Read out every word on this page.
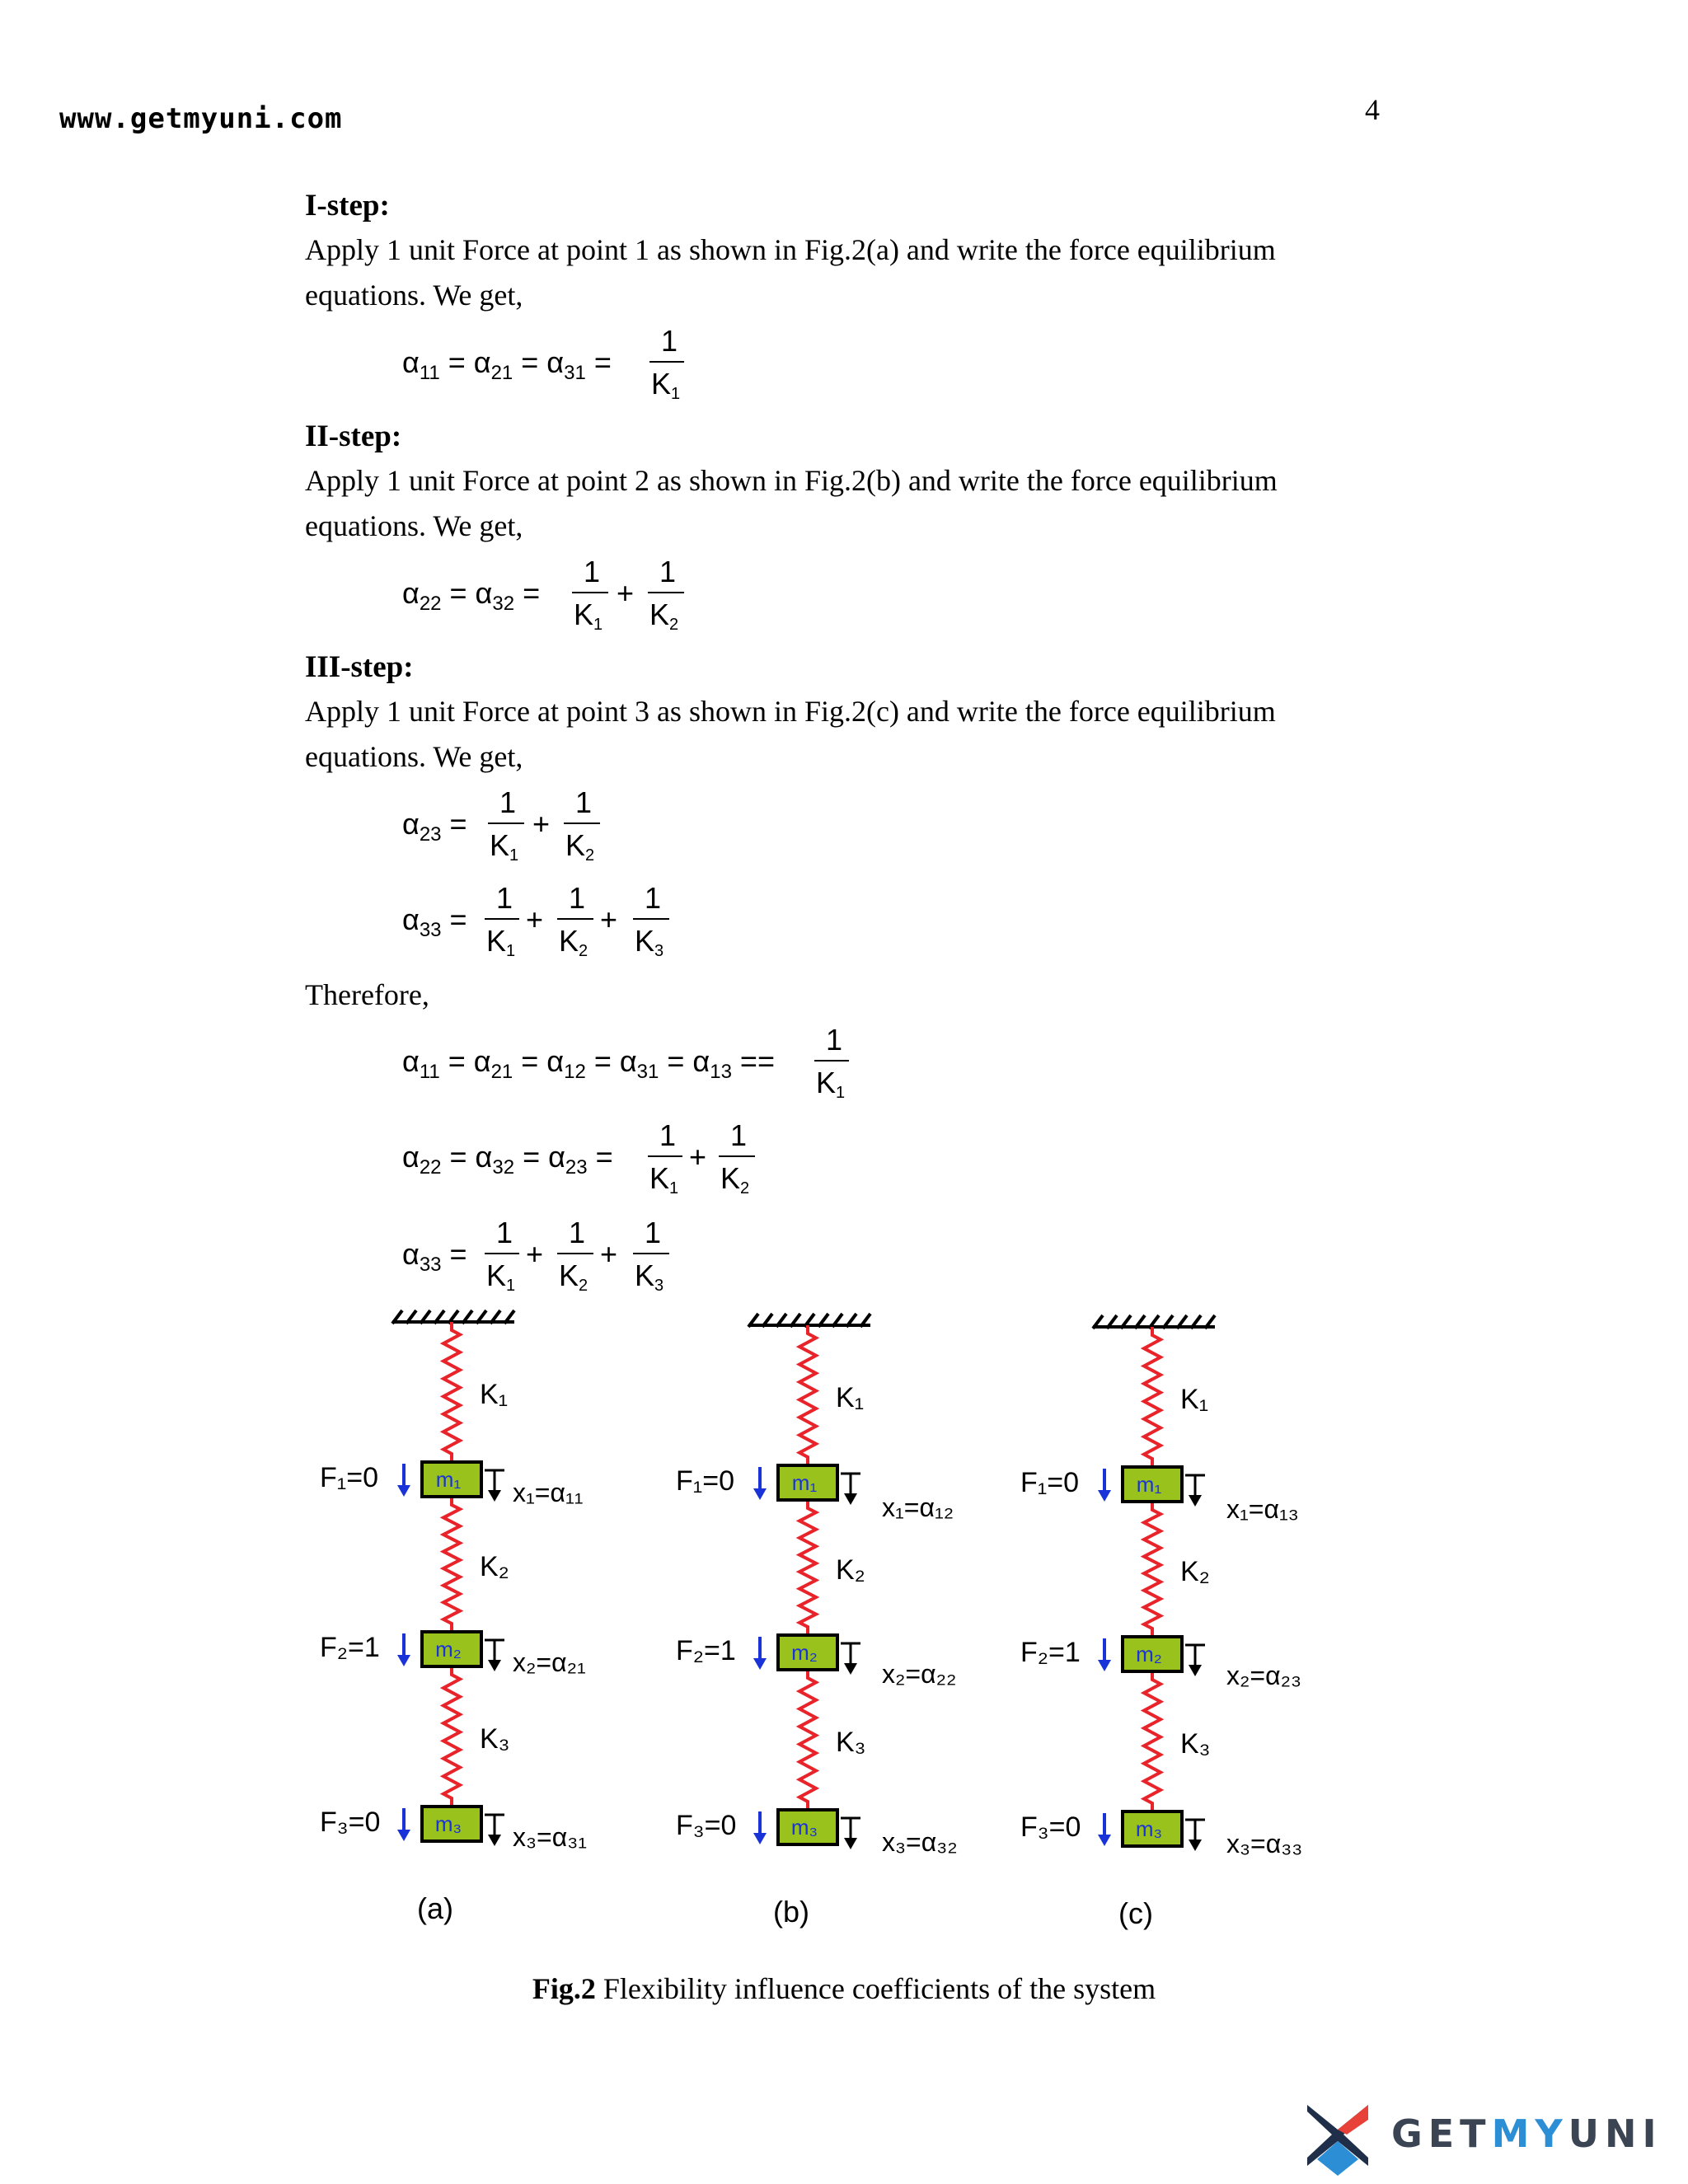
www.getmyuni.com	4
I-step:
Apply 1 unit Force at point 1 as shown in Fig.2(a) and write the force equilibrium equations. We get,
II-step:
Apply 1 unit Force at point 2 as shown in Fig.2(b) and write the force equilibrium equations. We get,
III-step:
Apply 1 unit Force at point 3 as shown in Fig.2(c) and write the force equilibrium equations. We get,
Therefore,
$\alpha_{11} = \alpha_{21} = \alpha_{31}$ =
1
K1
$\alpha_{22} = \alpha_{32}$ =
1
K1
+
1
K2
$\alpha_{23}$ =
1
K1
+
1
K2
$\alpha_{33}$ =
1
K1
+
1
K2
+
1
K3
$\alpha_{11} = \alpha_{21} = \alpha_{12} = \alpha_{31} = \alpha_{13}$ ==
1
K1
$\alpha_{22} = \alpha_{32} = \alpha_{23}$ =
1
K1
+
1
K2
$\alpha_{33}$ =
1
K1
+
1
K2
+
1
K3
K₁
K₂
K₃
m₁
F₁=0	x₁=α₁₁
m₂
F₂=1	x₂=α₂₁
m₃
F₃=0	x₃=α₃₁
(a)
K₁
K₂
K₃
m₁
F₁=0
x₁=α₁₂
m₂
F₂=1
x₂=α₂₂
m₃
F₃=0
x₃=α₃₂
(b)
K₁
K₂
K₃
m₁
F₁=0
x₁=α₁₃
m₂
F₂=1
x₂=α₂₃
m₃
F₃=0
x₃=α₃₃
(c)
Fig.2 Flexibility influence coefficients of the system
GETMYUNI
